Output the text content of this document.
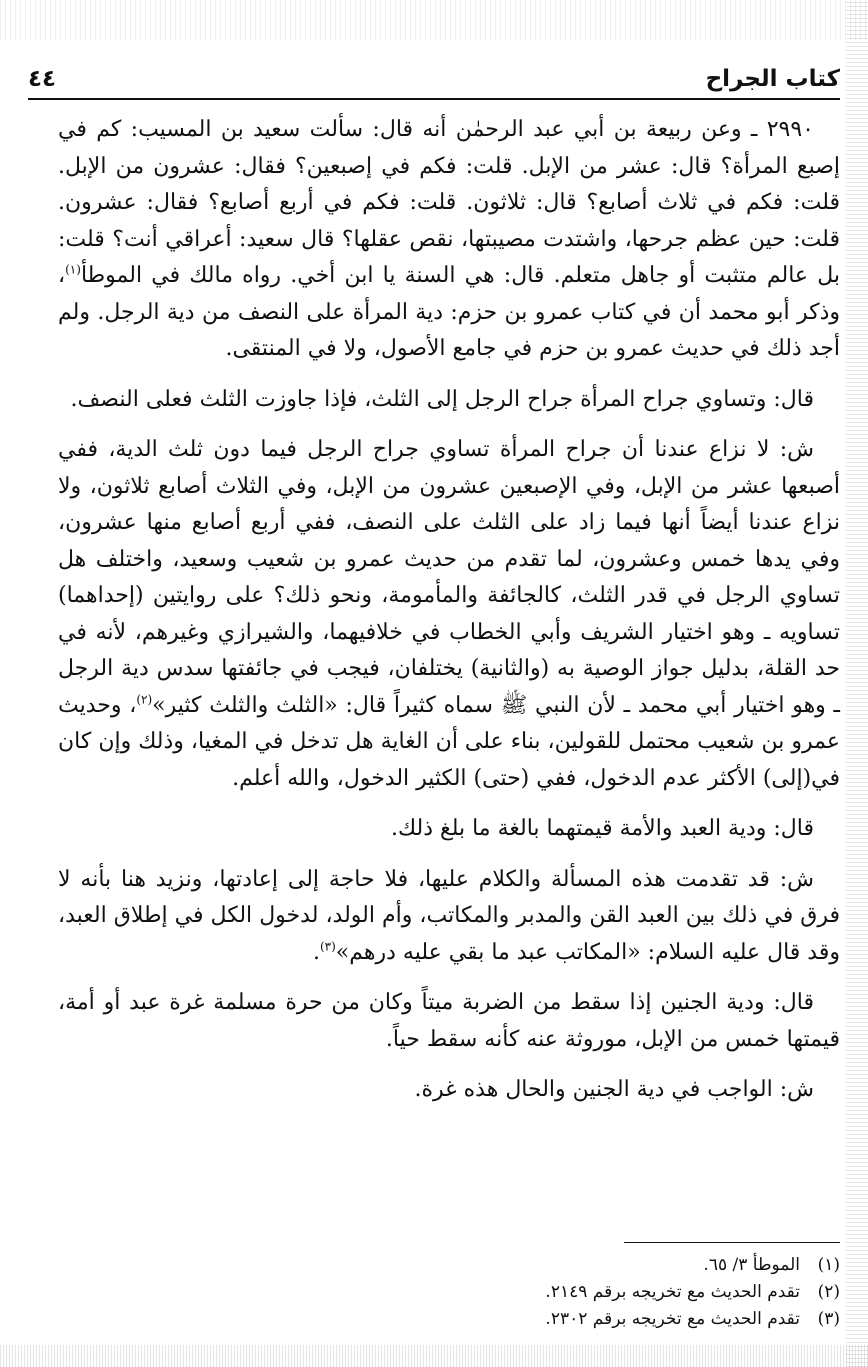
كتاب الجراح
٤٤

٢٩٩٠ ـ وعن ربيعة بن أبي عبد الرحمٰن أنه قال: سألت سعيد بن المسيب: كم في إصبع المرأة؟ قال: عشر من الإبل. قلت: فكم في إصبعين؟ فقال: عشرون من الإبل. قلت: فكم في ثلاث أصابع؟ قال: ثلاثون. قلت: فكم في أربع أصابع؟ فقال: عشرون. قلت: حين عظم جرحها، واشتدت مصيبتها، نقص عقلها؟ قال سعيد: أعراقي أنت؟ قلت: بل عالم متثبت أو جاهل متعلم. قال: هي السنة يا ابن أخي. رواه مالك في الموطأ$^{(١)}$، وذكر أبو محمد أن في كتاب عمرو بن حزم: دية المرأة على النصف من دية الرجل. ولم أجد ذلك في حديث عمرو بن حزم في جامع الأصول، ولا في المنتقى.

قال: وتساوي جراح المرأة جراح الرجل إلى الثلث، فإذا جاوزت الثلث فعلى النصف.

ش: لا نزاع عندنا أن جراح المرأة تساوي جراح الرجل فيما دون ثلث الدية، ففي أصبعها عشر من الإبل، وفي الإصبعين عشرون من الإبل، وفي الثلاث أصابع ثلاثون، ولا نزاع عندنا أيضاً أنها فيما زاد على الثلث على النصف، ففي أربع أصابع منها عشرون، وفي يدها خمس وعشرون، لما تقدم من حديث عمرو بن شعيب وسعيد، واختلف هل تساوي الرجل في قدر الثلث، كالجائفة والمأمومة، ونحو ذلك؟ على روايتين (إحداهما) تساويه ـ وهو اختيار الشريف وأبي الخطاب في خلافيهما، والشيرازي وغيرهم، لأنه في حد القلة، بدليل جواز الوصية به (والثانية) يختلفان، فيجب في جائفتها سدس دية الرجل ـ وهو اختيار أبي محمد ـ لأن النبي ﷺ سماه كثيراً قال: «الثلث والثلث كثير»$^{(٢)}$، وحديث عمرو بن شعيب محتمل للقولين، بناء على أن الغاية هل تدخل في المغيا، وذلك وإن كان في(إلى) الأكثر عدم الدخول، ففي (حتى) الكثير الدخول، والله أعلم.

قال: ودية العبد والأمة قيمتهما بالغة ما بلغ ذلك.

ش: قد تقدمت هذه المسألة والكلام عليها، فلا حاجة إلى إعادتها، ونزيد هنا بأنه لا فرق في ذلك بين العبد القن والمدبر والمكاتب، وأم الولد، لدخول الكل في إطلاق العبد، وقد قال عليه السلام: «المكاتب عبد ما بقي عليه درهم»$^{(٣)}$.

قال: ودية الجنين إذا سقط من الضربة ميتاً وكان من حرة مسلمة غرة عبد أو أمة، قيمتها خمس من الإبل، موروثة عنه كأنه سقط حياً.

ش: الواجب في دية الجنين والحال هذه غرة.

(١)
الموطأ ٣/ ٦٥.
(٢)
تقدم الحديث مع تخريجه برقم ٢١٤٩.
(٣)
تقدم الحديث مع تخريجه برقم ٢٣٠٢.
